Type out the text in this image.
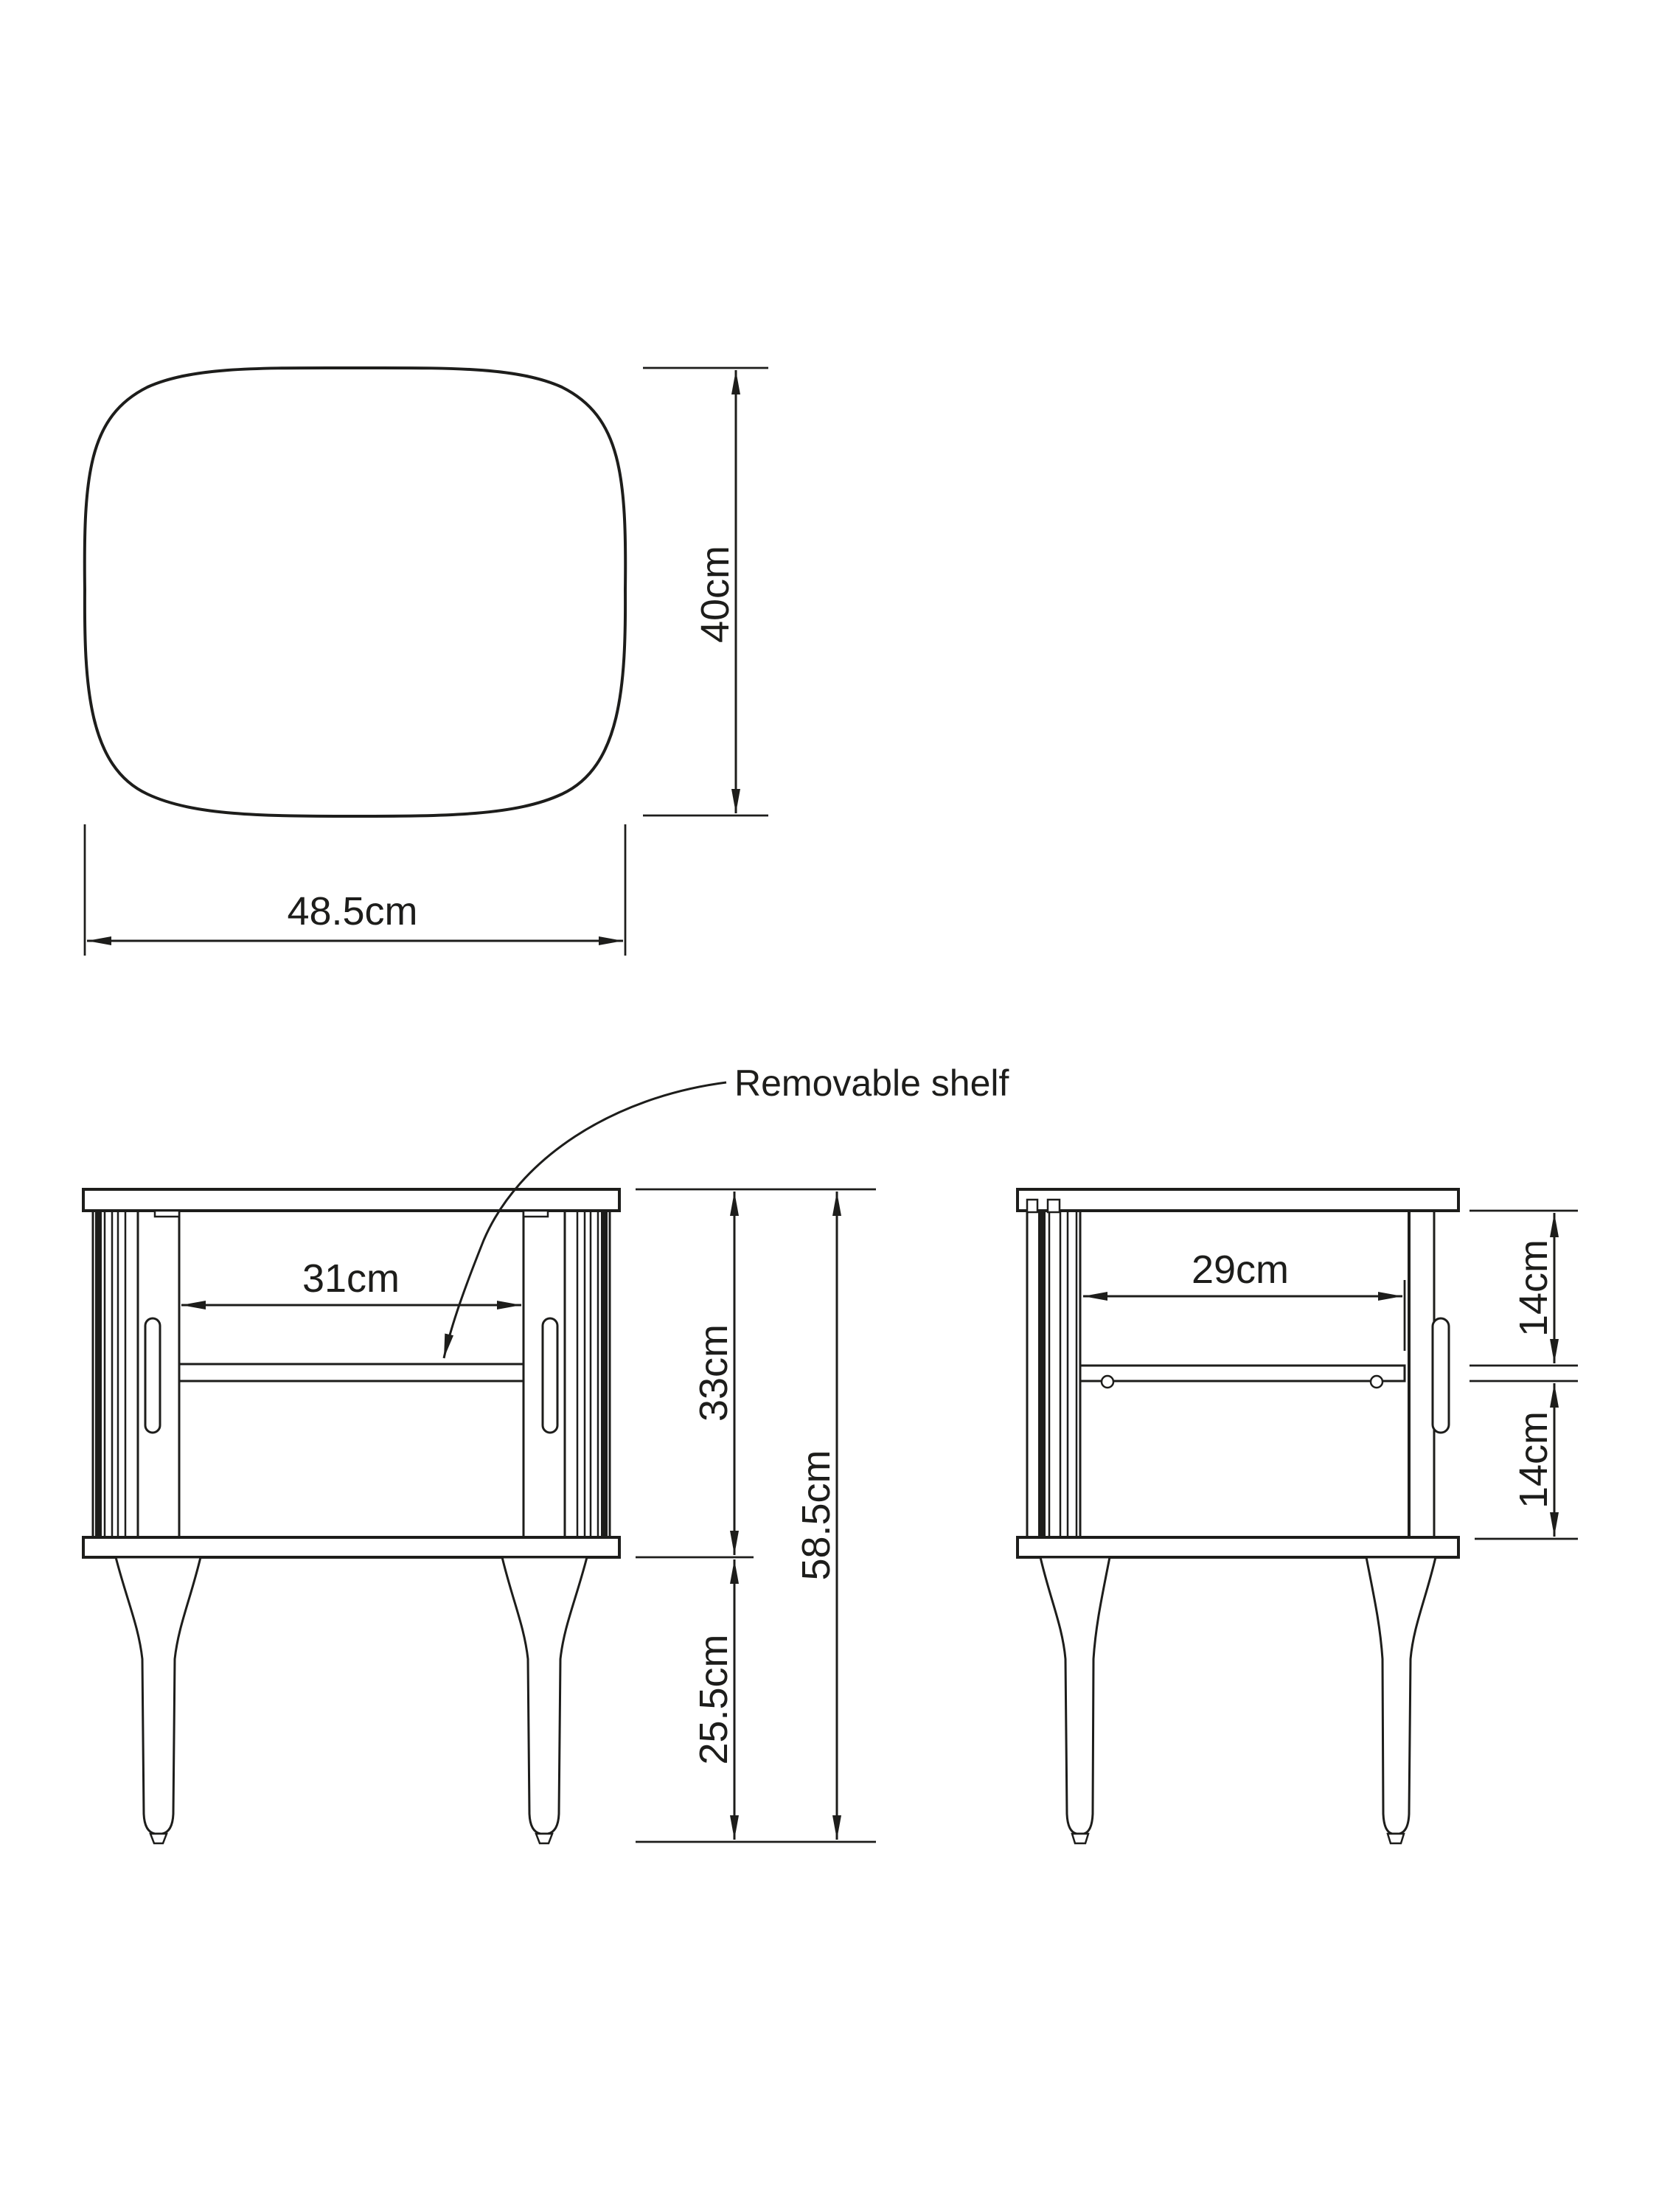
40cm
48.5cm
31cm
Removable shelf
33cm
25.5cm
58.5cm
29cm	14cm
14cm
